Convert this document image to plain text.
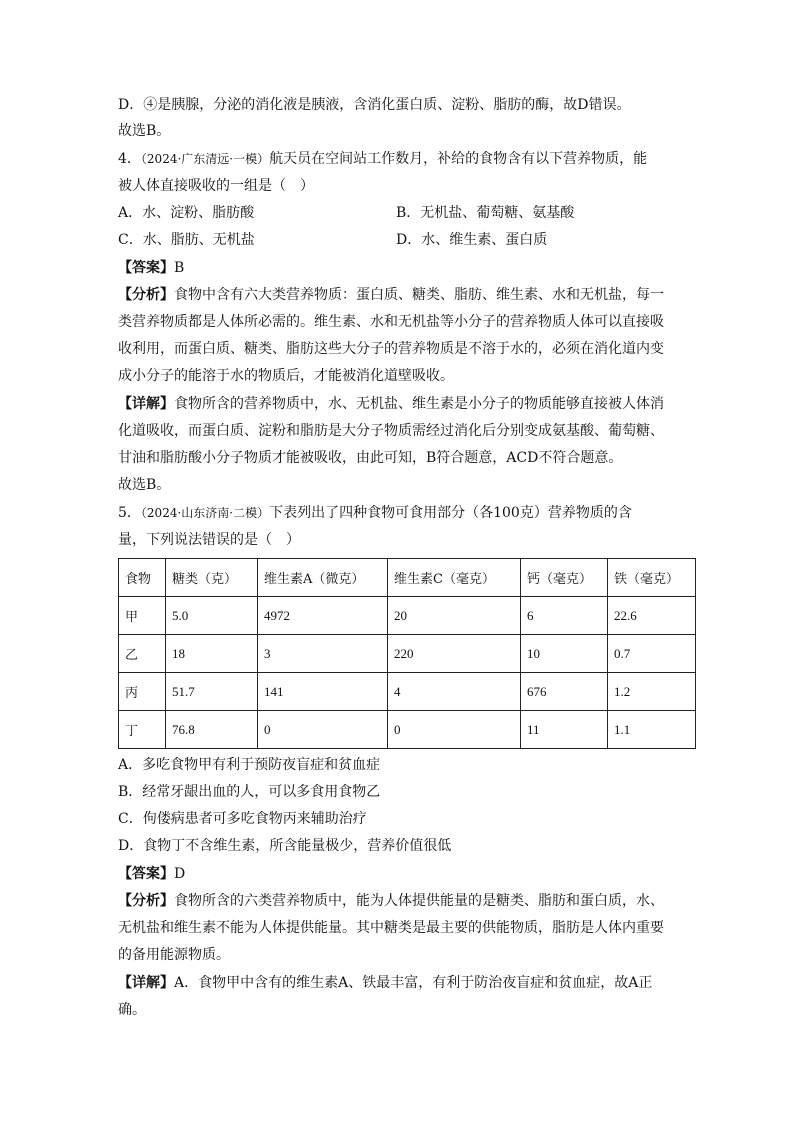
D．④是胰腺，分泌的消化液是胰液，含消化蛋白质、淀粉、脂肪的酶，故D错误。
故选B。
4．（2024·广东清远·一模）航天员在空间站工作数月，补给的食物含有以下营养物质，能
被人体直接吸收的一组是（　）
A．水、淀粉、脂肪酸	B．无机盐、葡萄糖、氨基酸
C．水、脂肪、无机盐	D．水、维生素、蛋白质
【答案】B
【分析】食物中含有六大类营养物质：蛋白质、糖类、脂肪、维生素、水和无机盐，每一
类营养物质都是人体所必需的。维生素、水和无机盐等小分子的营养物质人体可以直接吸
收利用，而蛋白质、糖类、脂肪这些大分子的营养物质是不溶于水的，必须在消化道内变
成小分子的能溶于水的物质后，才能被消化道壁吸收。
【详解】食物所含的营养物质中，水、无机盐、维生素是小分子的物质能够直接被人体消
化道吸收，而蛋白质、淀粉和脂肪是大分子物质需经过消化后分别变成氨基酸、葡萄糖、
甘油和脂肪酸小分子物质才能被吸收，由此可知，B符合题意，ACD不符合题意。
故选B。
5．（2024·山东济南·二模）下表列出了四种食物可食用部分（各100克）营养物质的含
量，下列说法错误的是（　）
食物	糖类（克）	维生素A（微克）	维生素C（毫克）	钙（毫克）	铁（毫克）
甲	5.0	4972	20	6	22.6
乙	18	3	220	10	0.7
丙	51.7	141	4	676	1.2
丁	76.8	0	0	11	1.1
A．多吃食物甲有利于预防夜盲症和贫血症
B．经常牙龈出血的人，可以多食用食物乙
C．佝偻病患者可多吃食物丙来辅助治疗
D．食物丁不含维生素，所含能量极少，营养价值很低
【答案】D
【分析】食物所含的六类营养物质中，能为人体提供能量的是糖类、脂肪和蛋白质，水、
无机盐和维生素不能为人体提供能量。其中糖类是最主要的供能物质，脂肪是人体内重要
的备用能源物质。
【详解】A．食物甲中含有的维生素A、铁最丰富，有利于防治夜盲症和贫血症，故A正
确。
